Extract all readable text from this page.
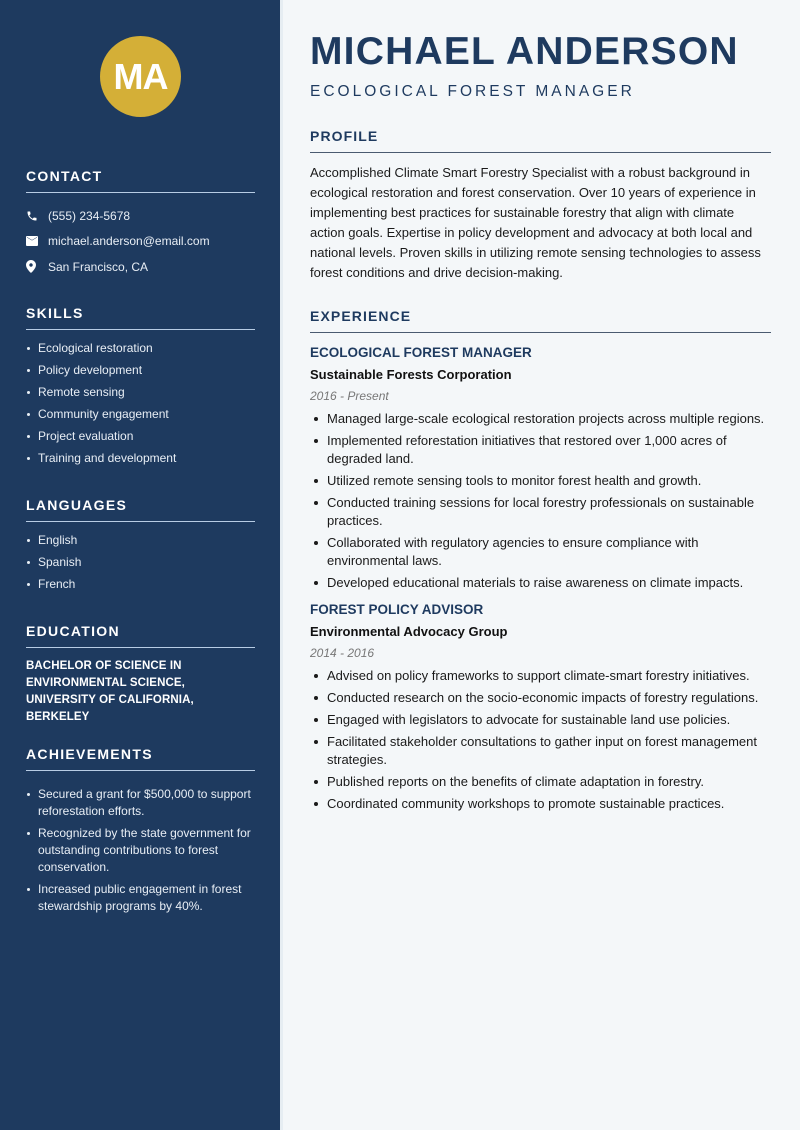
MA
CONTACT
(555) 234-5678
michael.anderson@email.com
San Francisco, CA
SKILLS
Ecological restoration
Policy development
Remote sensing
Community engagement
Project evaluation
Training and development
LANGUAGES
English
Spanish
French
EDUCATION

BACHELOR OF SCIENCE IN ENVIRONMENTAL SCIENCE, UNIVERSITY OF CALIFORNIA, BERKELEY

ACHIEVEMENTS
Secured a grant for $500,000 to support reforestation efforts.
Recognized by the state government for outstanding contributions to forest conservation.
Increased public engagement in forest stewardship programs by 40%.
MICHAEL ANDERSON
ECOLOGICAL FOREST MANAGER
PROFILE

Accomplished Climate Smart Forestry Specialist with a robust background in ecological restoration and forest conservation. Over 10 years of experience in implementing best practices for sustainable forestry that align with climate action goals. Expertise in policy development and advocacy at both local and national levels. Proven skills in utilizing remote sensing technologies to assess forest conditions and drive decision-making.

EXPERIENCE
ECOLOGICAL FOREST MANAGER
Sustainable Forests Corporation
2016 - Present
Managed large-scale ecological restoration projects across multiple regions.
Implemented reforestation initiatives that restored over 1,000 acres of degraded land.
Utilized remote sensing tools to monitor forest health and growth.
Conducted training sessions for local forestry professionals on sustainable practices.
Collaborated with regulatory agencies to ensure compliance with environmental laws.
Developed educational materials to raise awareness on climate impacts.
FOREST POLICY ADVISOR
Environmental Advocacy Group
2014 - 2016
Advised on policy frameworks to support climate-smart forestry initiatives.
Conducted research on the socio-economic impacts of forestry regulations.
Engaged with legislators to advocate for sustainable land use policies.
Facilitated stakeholder consultations to gather input on forest management strategies.
Published reports on the benefits of climate adaptation in forestry.
Coordinated community workshops to promote sustainable practices.
